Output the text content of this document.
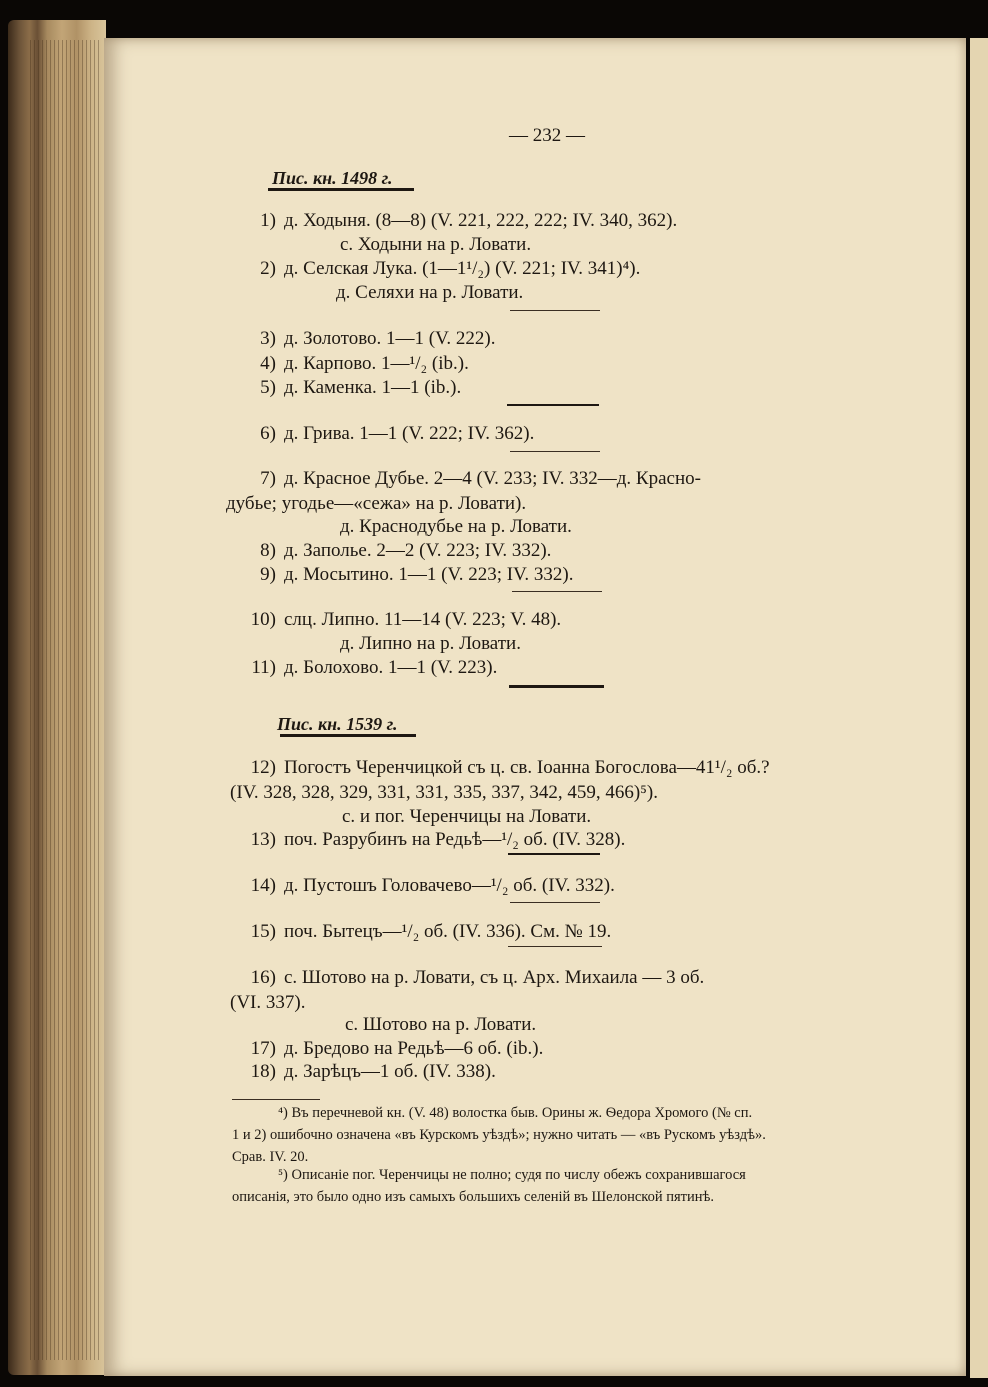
— 232 —
Пис. кн. 1498 г.
1) д. Ходыня. (8—8) (V. 221, 222, 222; IV. 340, 362).
с. Ходыни на р. Ловати.
2) д. Селская Лука. (1—1¹/₂) (V. 221; IV. 341)⁴).
д. Селяхи на р. Ловати.
3) д. Золотово. 1—1 (V. 222).
4) д. Карпово. 1—¹/₂ (ib.).
5) д. Каменка. 1—1 (ib.).
6) д. Грива. 1—1 (V. 222; IV. 362).
7) д. Красное Дубье. 2—4 (V. 233; IV. 332—д. Красно-
дубье; угодье—«сежа» на р. Ловати).
д. Краснодубье на р. Ловати.
8) д. Заполье. 2—2 (V. 223; IV. 332).
9) д. Мосытино. 1—1 (V. 223; IV. 332).
10) слц. Липно. 11—14 (V. 223; V. 48).
д. Липно на р. Ловати.
11) д. Болохово. 1—1 (V. 223).
Пис. кн. 1539 г.
12) Погостъ Черенчицкой съ ц. св. Іоанна Богослова—41¹/₂ об.?
(IV. 328, 328, 329, 331, 331, 335, 337, 342, 459, 466)⁵).
с. и пог. Черенчицы на Ловати.
13) поч. Разрубинъ на Редьѣ—¹/₂ об. (IV. 328).
14) д. Пустошъ Головачево—¹/₂ об. (IV. 332).
15) поч. Бытецъ—¹/₂ об. (IV. 336). См. № 19.
16) с. Шотово на р. Ловати, съ ц. Арх. Михаила — 3 об.
(VI. 337).
с. Шотово на р. Ловати.
17) д. Бредово на Редьѣ—6 об. (ib.).
18) д. Зарѣцъ—1 об. (IV. 338).
⁴) Въ перечневой кн. (V. 48) волостка быв. Орины ж. Ѳедора Хромого (№ сп.
1 и 2) ошибочно означена «въ Курскомъ уѣздѣ»; нужно читать — «въ Рускомъ уѣздѣ».
Срав. IV. 20.
⁵) Описаніе пог. Черенчицы не полно; судя по числу обежъ сохранившагося
описанія, это было одно изъ самыхъ большихъ селеній въ Шелонской пятинѣ.
